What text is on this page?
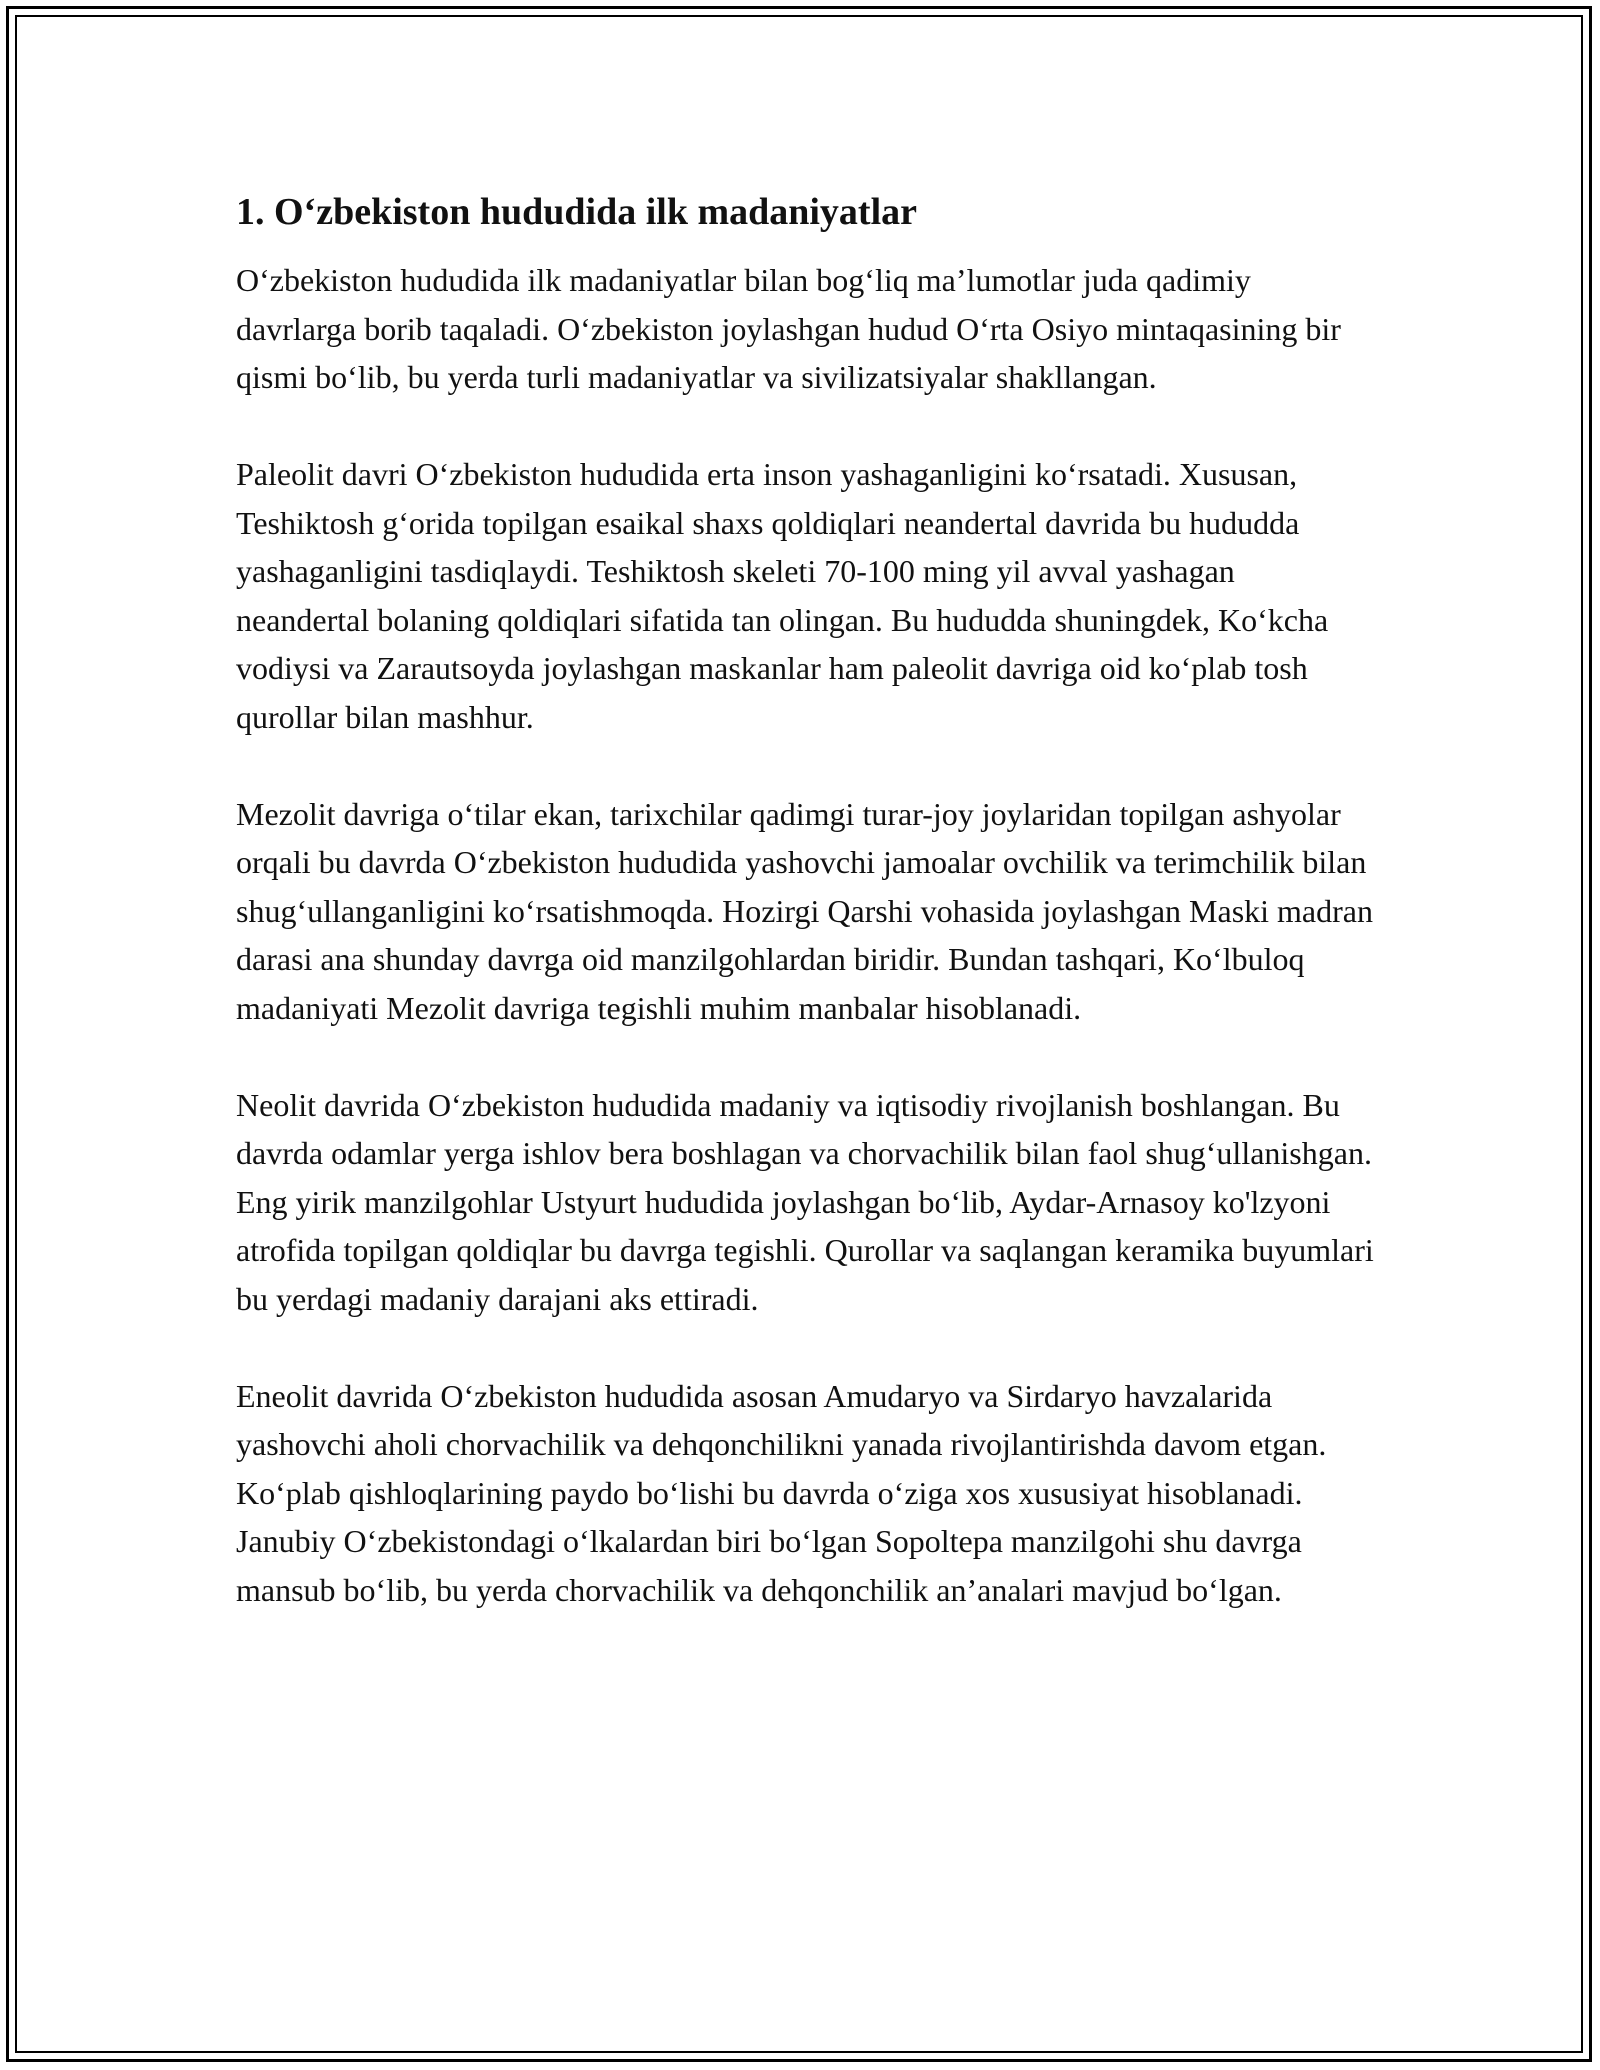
1. O‘zbekiston hududida ilk madaniyatlar

O‘zbekiston hududida ilk madaniyatlar bilan bog‘liq ma’lumotlar juda qadimiy davrlarga borib taqaladi. O‘zbekiston joylashgan hudud O‘rta Osiyo mintaqasining bir qismi bo‘lib, bu yerda turli madaniyatlar va sivilizatsiyalar shakllangan.

Paleolit davri O‘zbekiston hududida erta inson yashaganligini ko‘rsatadi. Xususan, Teshiktosh g‘orida topilgan esaikal shaxs qoldiqlari neandertal davrida bu hududda yashaganligini tasdiqlaydi. Teshiktosh skeleti 70-100 ming yil avval yashagan neandertal bolaning qoldiqlari sifatida tan olingan. Bu hududda shuningdek, Ko‘kcha vodiysi va Zarautsoyda joylashgan maskanlar ham paleolit davriga oid ko‘plab tosh qurollar bilan mashhur.

Mezolit davriga o‘tilar ekan, tarixchilar qadimgi turar-joy joylaridan topilgan ashyolar orqali bu davrda O‘zbekiston hududida yashovchi jamoalar ovchilik va terimchilik bilan shug‘ullanganligini ko‘rsatishmoqda. Hozirgi Qarshi vohasida joylashgan Maski madran darasi ana shunday davrga oid manzilgohlardan biridir. Bundan tashqari, Ko‘lbuloq madaniyati Mezolit davriga tegishli muhim manbalar hisoblanadi.

Neolit davrida O‘zbekiston hududida madaniy va iqtisodiy rivojlanish boshlangan. Bu davrda odamlar yerga ishlov bera boshlagan va chorvachilik bilan faol shug‘ullanishgan. Eng yirik manzilgohlar Ustyurt hududida joylashgan bo‘lib, Aydar-Arnasoy ko'lzyoni atrofida topilgan qoldiqlar bu davrga tegishli. Qurollar va saqlangan keramika buyumlari bu yerdagi madaniy darajani aks ettiradi.

Eneolit davrida O‘zbekiston hududida asosan Amudaryo va Sirdaryo havzalarida yashovchi aholi chorvachilik va dehqonchilikni yanada rivojlantirishda davom etgan. Ko‘plab qishloqlarining paydo bo‘lishi bu davrda o‘ziga xos xususiyat hisoblanadi. Janubiy O‘zbekistondagi o‘lkalardan biri bo‘lgan Sopoltepa manzilgohi shu davrga mansub bo‘lib, bu yerda chorvachilik va dehqonchilik an’analari mavjud bo‘lgan.
